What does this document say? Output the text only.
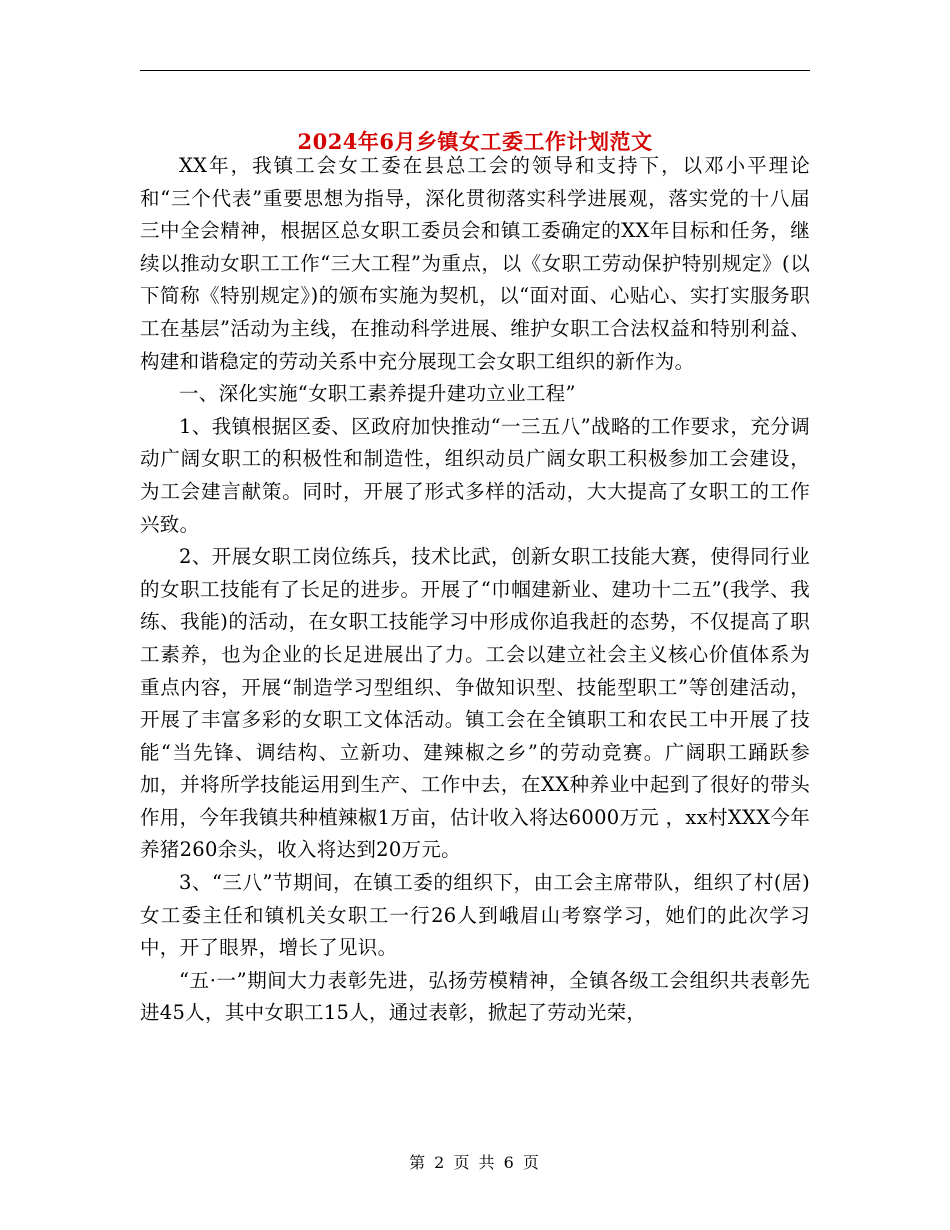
2024年6月乡镇女工委工作计划范文

XX年，我镇工会女工委在县总工会的领导和支持下，以邓小平理论和“三个代表”重要思想为指导，深化贯彻落实科学进展观，落实党的十八届三中全会精神，根据区总女职工委员会和镇工委确定的XX年目标和任务，继续以推动女职工工作“三大工程”为重点，以《女职工劳动保护特别规定》(以下简称《特别规定》)的颁布实施为契机，以“面对面、心贴心、实打实服务职工在基层”活动为主线，在推动科学进展、维护女职工合法权益和特别利益、构建和谐稳定的劳动关系中充分展现工会女职工组织的新作为。

一、深化实施“女职工素养提升建功立业工程”

1、我镇根据区委、区政府加快推动“一三五八”战略的工作要求，充分调动广阔女职工的积极性和制造性，组织动员广阔女职工积极参加工会建设，为工会建言献策。同时，开展了形式多样的活动，大大提高了女职工的工作兴致。

2、开展女职工岗位练兵，技术比武，创新女职工技能大赛，使得同行业的女职工技能有了长足的进步。开展了“巾帼建新业、建功十二五”(我学、我练、我能)的活动，在女职工技能学习中形成你追我赶的态势，不仅提高了职工素养，也为企业的长足进展出了力。工会以建立社会主义核心价值体系为重点内容，开展“制造学习型组织、争做知识型、技能型职工”等创建活动，开展了丰富多彩的女职工文体活动。镇工会在全镇职工和农民工中开展了技能“当先锋、调结构、立新功、建辣椒之乡”的劳动竞赛。广阔职工踊跃参加，并将所学技能运用到生产、工作中去，在XX种养业中起到了很好的带头作用，今年我镇共种植辣椒1万亩，估计收入将达6000万元 ，xx村XXX今年养猪260余头，收入将达到20万元。

3、“三八”节期间，在镇工委的组织下，由工会主席带队，组织了村(居)女工委主任和镇机关女职工一行26人到峨眉山考察学习，她们的此次学习中，开了眼界，增长了见识。

“五·一”期间大力表彰先进，弘扬劳模精神，全镇各级工会组织共表彰先进45人，其中女职工15人，通过表彰，掀起了劳动光荣，

第 2 页 共 6 页
